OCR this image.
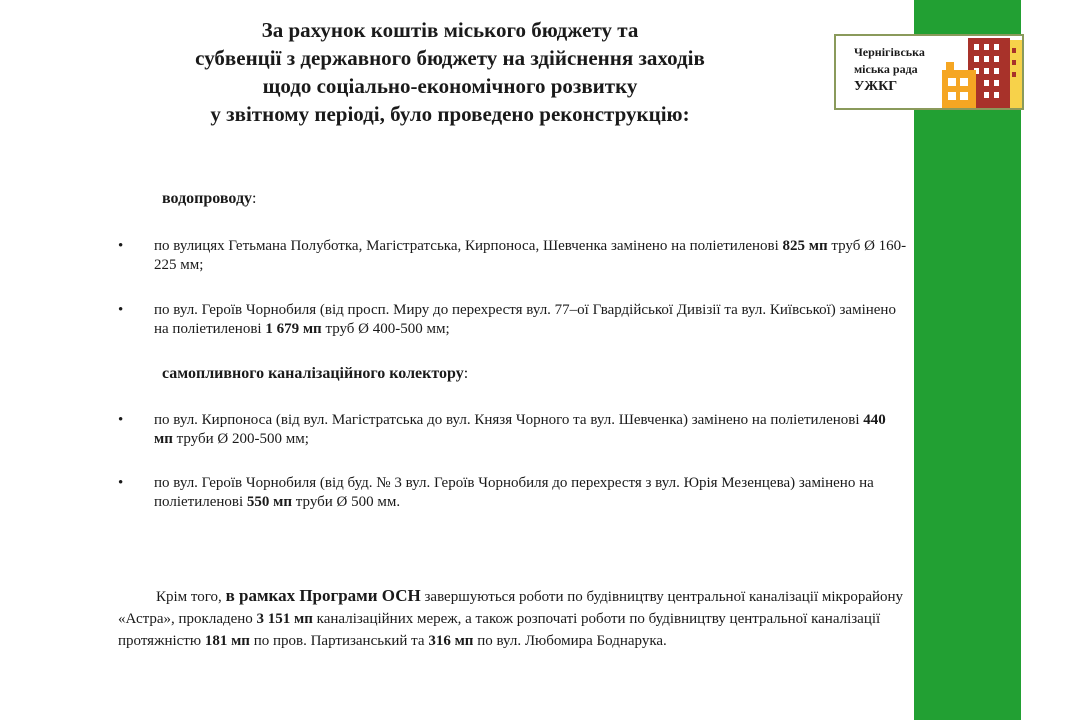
За рахунок коштів міського бюджету та
субвенції з державного бюджету на здійснення заходів
щодо соціально-економічного розвитку
у звітному періоді, було проведено реконструкцію:
Чернігівська
міська рада
УЖКГ
водопроводу:
• по вулицях Гетьмана Полуботка, Магістратська, Кирпоноса, Шевченка замінено на поліетиленові 825 мп труб Ø 160-225 мм;
• по вул. Героїв Чорнобиля (від просп. Миру до перехрестя вул. 77–ої Гвардійської Дивізії та вул. Київської) замінено на поліетиленові 1 679 мп труб Ø 400-500 мм;
самопливного каналізаційного колектору:
• по вул. Кирпоноса (від вул. Магістратська до вул. Князя Чорного та вул. Шевченка) замінено на поліетиленові 440 мп труби Ø 200-500 мм;
• по вул. Героїв Чорнобиля (від буд. № 3 вул. Героїв Чорнобиля до перехрестя з вул. Юрія Мезенцева) замінено на поліетиленові 550 мп труби Ø 500 мм.
Крім того, в рамках Програми ОСН завершуються роботи по будівництву центральної каналізації мікрорайону «Астра», прокладено 3 151 мп каналізаційних мереж, а також розпочаті роботи по будівництву центральної каналізації протяжністю 181 мп по пров. Партизанський та 316 мп по вул. Любомира Боднарука.
